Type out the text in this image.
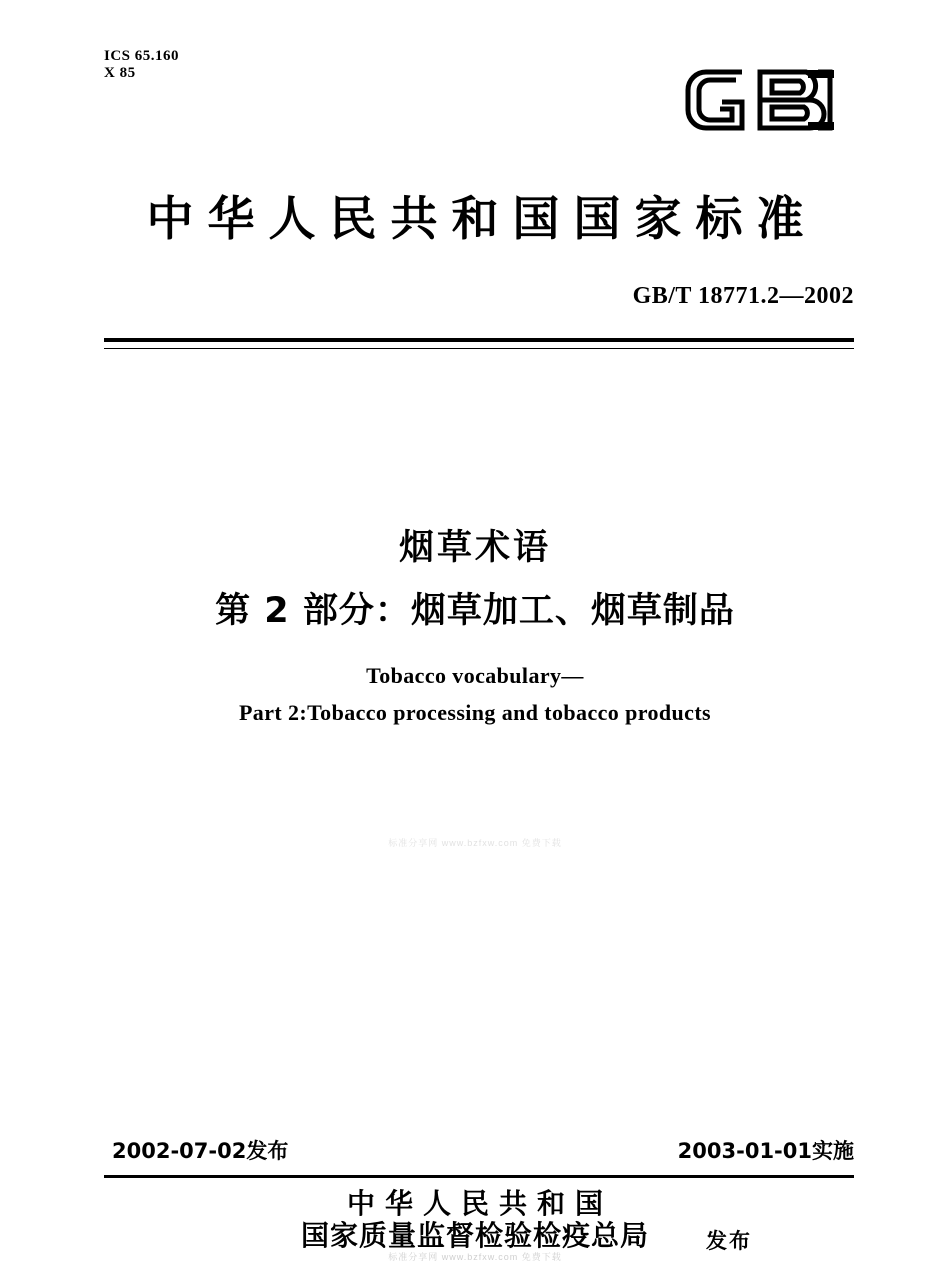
ICS 65.160
X 85
中华人民共和国国家标准
GB/T 18771.2—2002
烟草术语
第 2 部分：烟草加工、烟草制品
Tobacco vocabulary—
Part 2:Tobacco processing and tobacco products
标准分享网 www.bzfxw.com 免费下载
2002-07-02发布	2003-01-01实施
中华人民共和国
国家质量监督检验检疫总局	发布
标准分享网 www.bzfxw.com 免费下载
